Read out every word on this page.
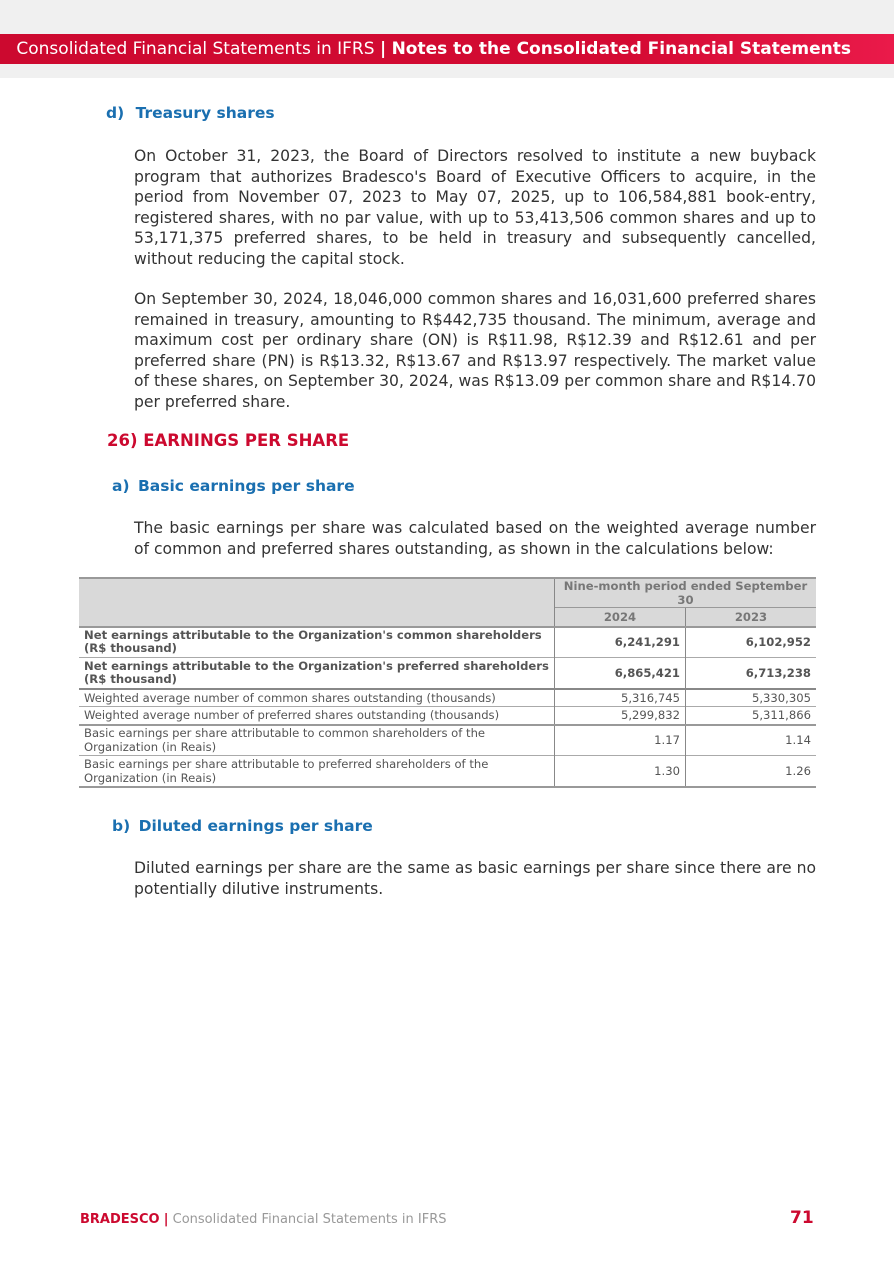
Consolidated Financial Statements in IFRS | Notes to the Consolidated Financial Statements
d) Treasury shares
On October 31, 2023, the Board of Directors resolved to institute a new buyback program that authorizes Bradesco's Board of Executive Officers to acquire, in the period from November 07, 2023 to May 07, 2025, up to 106,584,881 book-entry, registered shares, with no par value, with up to 53,413,506 common shares and up to 53,171,375 preferred shares, to be held in treasury and subsequently cancelled, without reducing the capital stock.
On September 30, 2024, 18,046,000 common shares and 16,031,600 preferred shares remained in treasury, amounting to R$442,735 thousand. The minimum, average and maximum cost per ordinary share (ON) is R$11.98, R$12.39 and R$12.61 and per preferred share (PN) is R$13.32, R$13.67 and R$13.97 respectively. The market value of these shares, on September 30, 2024, was R$13.09 per common share and R$14.70 per preferred share.
26) EARNINGS PER SHARE
a) Basic earnings per share
The basic earnings per share was calculated based on the weighted average number of common and preferred shares outstanding, as shown in the calculations below:
	Nine-month period ended September 30	
	2024	2023
Net earnings attributable to the Organization's common shareholders (R$ thousand)	6,241,291	6,102,952
Net earnings attributable to the Organization's preferred shareholders (R$ thousand)	6,865,421	6,713,238
Weighted average number of common shares outstanding (thousands)	5,316,745	5,330,305
Weighted average number of preferred shares outstanding (thousands)	5,299,832	5,311,866
Basic earnings per share attributable to common shareholders of the Organization (in Reais)	1.17	1.14
Basic earnings per share attributable to preferred shareholders of the Organization (in Reais)	1.30	1.26
b) Diluted earnings per share
Diluted earnings per share are the same as basic earnings per share since there are no potentially dilutive instruments.
BRADESCO | Consolidated Financial Statements in IFRS	71
